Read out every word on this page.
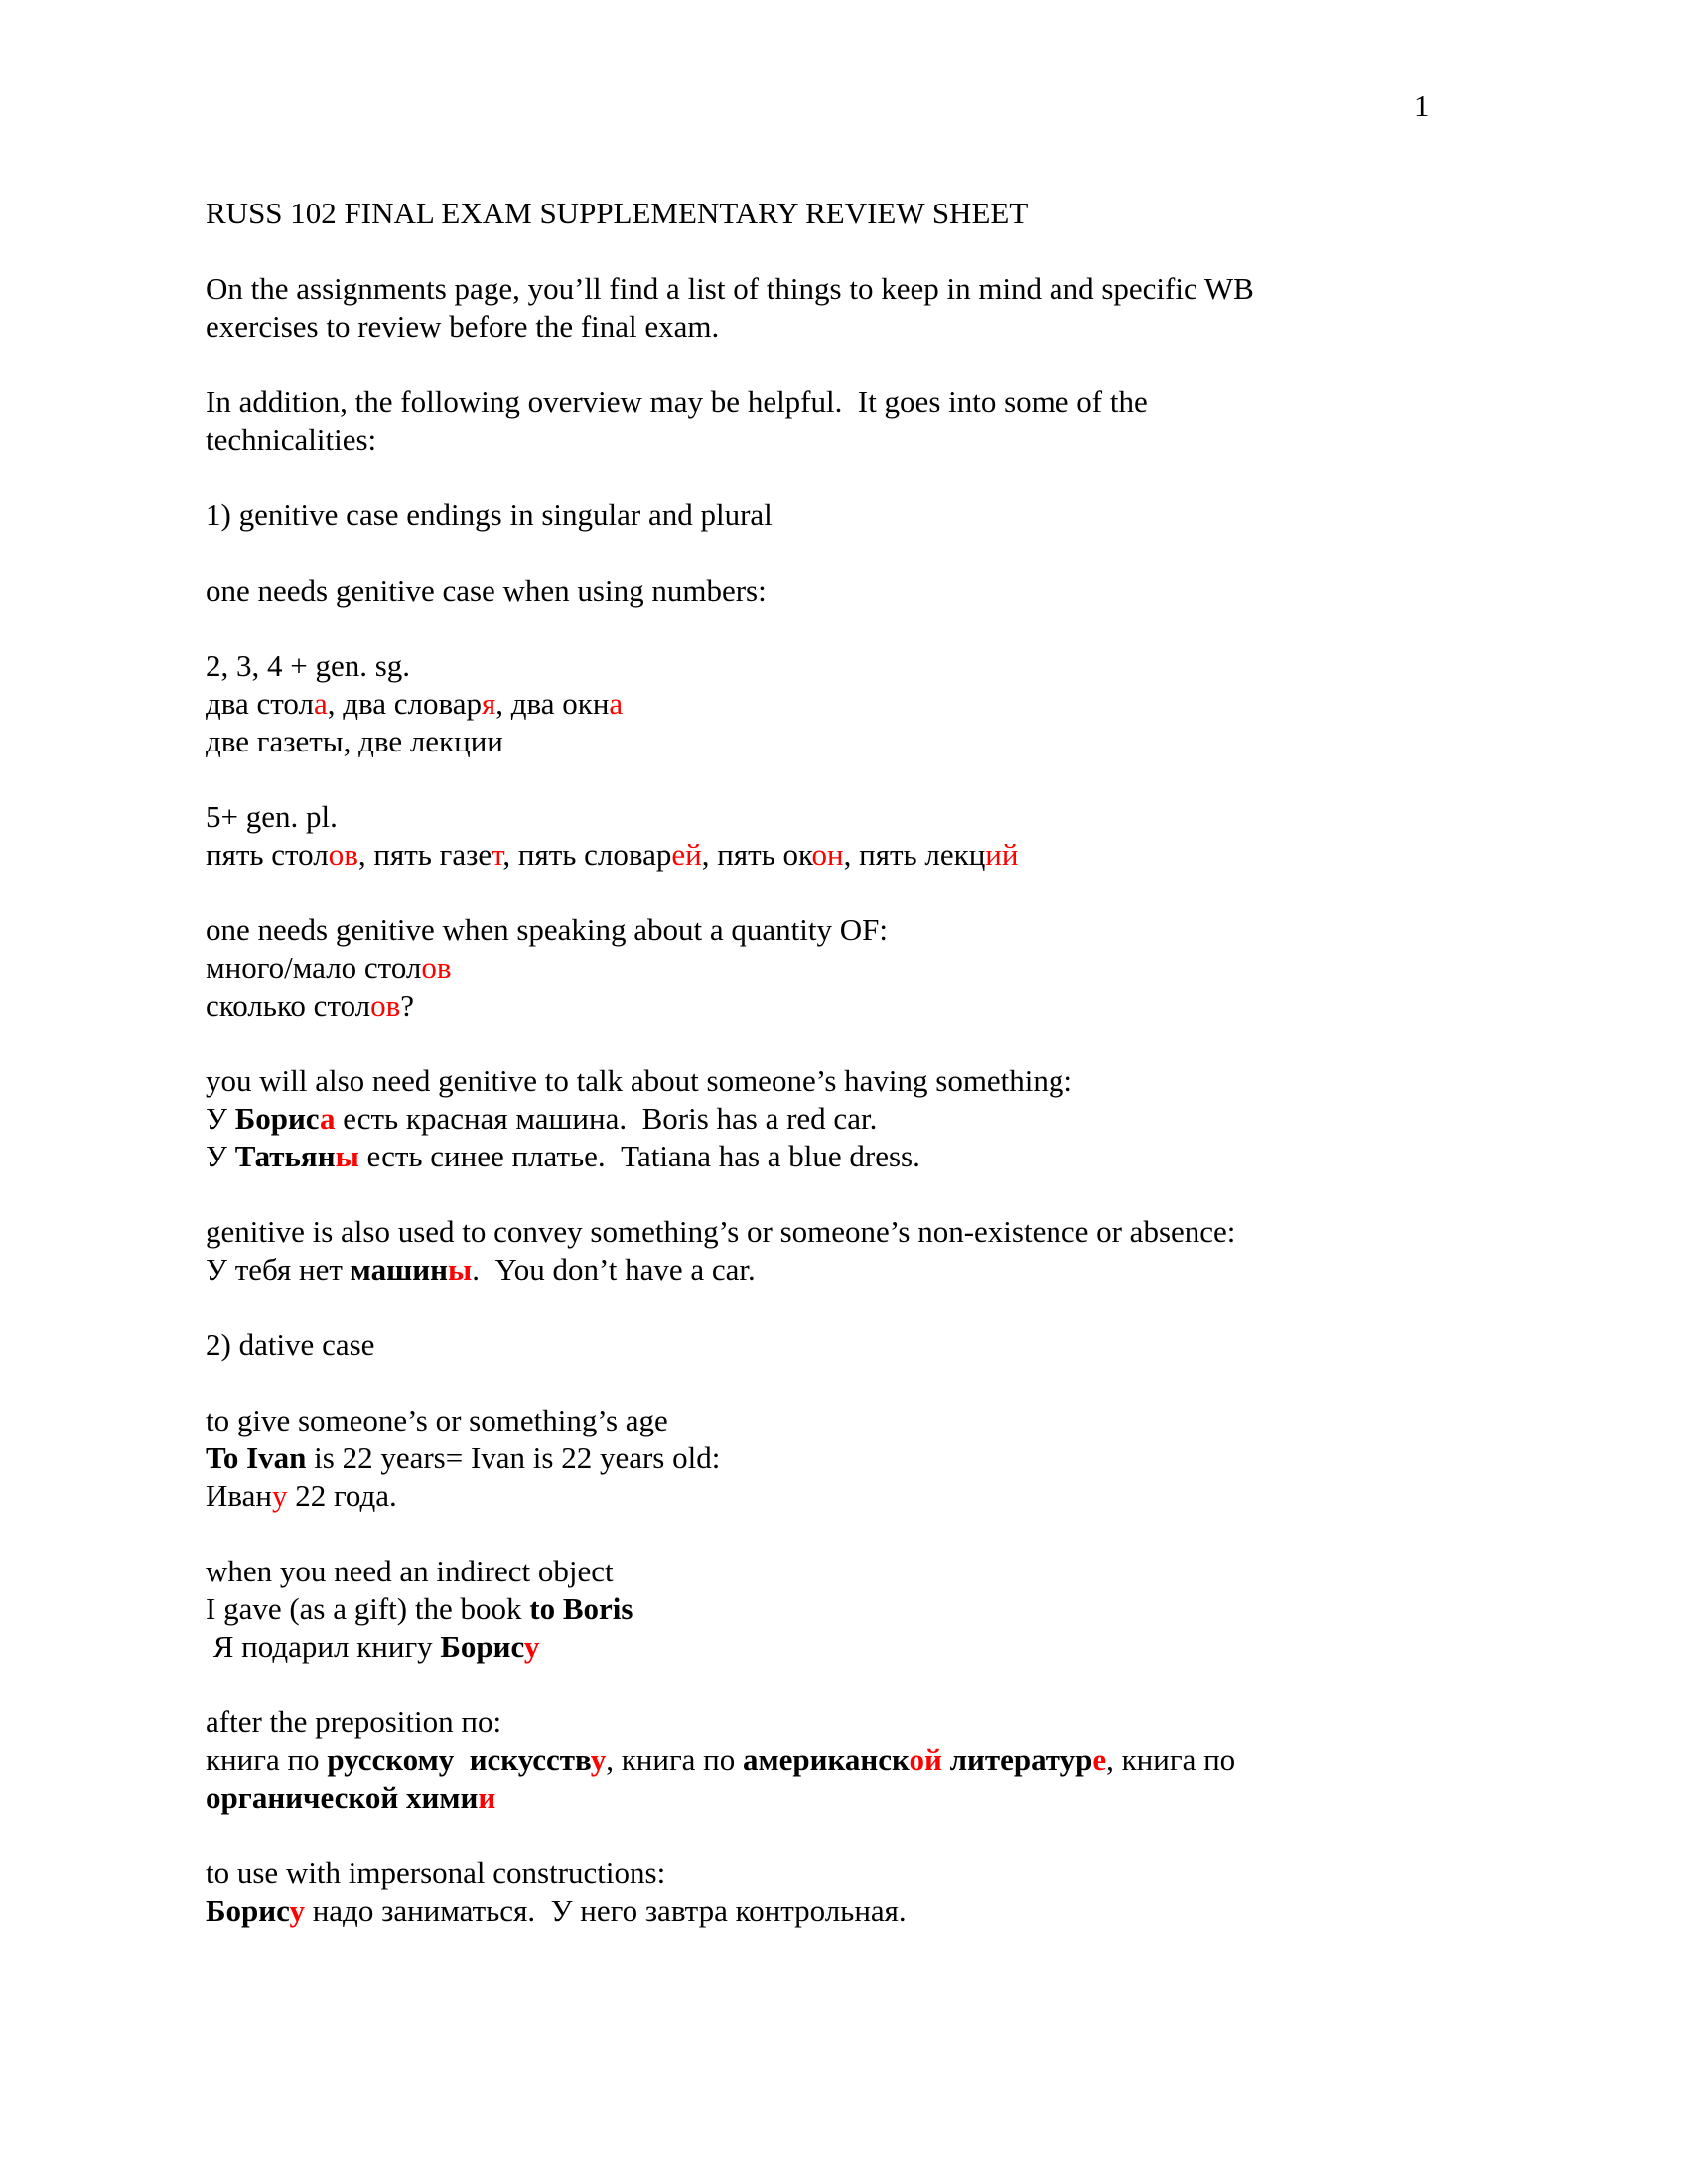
1

RUSS 102 FINAL EXAM SUPPLEMENTARY REVIEW SHEET

On the assignments page, you’ll find a list of things to keep in mind and specific WB
exercises to review before the final exam.

In addition, the following overview may be helpful.  It goes into some of the
technicalities:

1) genitive case endings in singular and plural

one needs genitive case when using numbers:

2, 3, 4 + gen. sg.
два стола, два словаря, два окна
две газеты, две лекции

5+ gen. pl.
пять столов, пять газет, пять словарей, пять окон, пять лекций

one needs genitive when speaking about a quantity OF:
много/мало столов
сколько столов?

you will also need genitive to talk about someone’s having something:
У Бориса есть красная машина.  Boris has a red car.
У Татьяны есть синее платье.  Tatiana has a blue dress.

genitive is also used to convey something’s or someone’s non-existence or absence:
У тебя нет машины.  You don’t have a car.

2) dative case

to give someone’s or something’s age
To Ivan is 22 years= Ivan is 22 years old:
Ивану 22 года.

when you need an indirect object
I gave (as a gift) the book to Boris
Я подарил книгу Борису

after the preposition по:
книга по русскому  искусству, книга по американской литературе, книга по
органической химии

to use with impersonal constructions:
Борису надо заниматься.  У него завтра контрольная.
